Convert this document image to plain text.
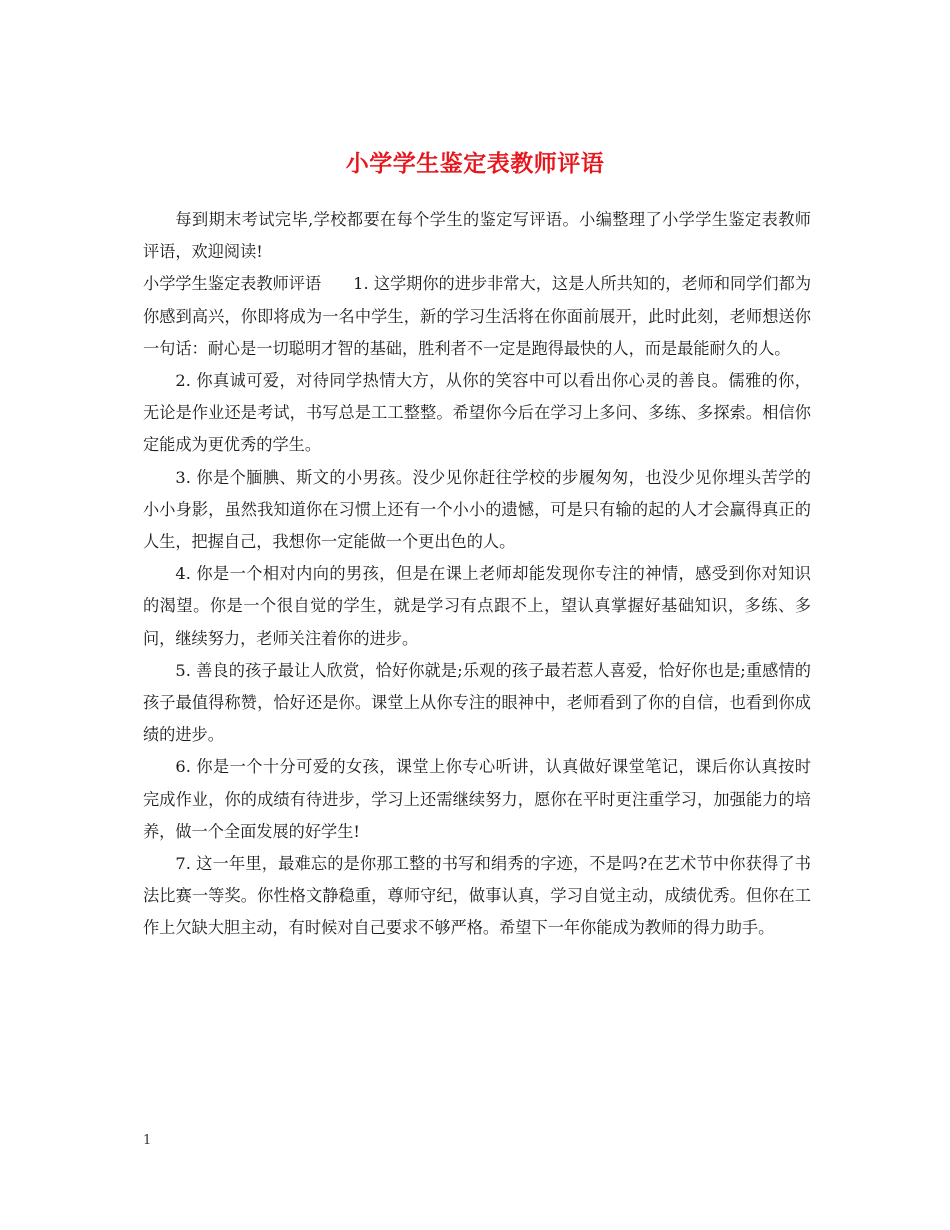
小学学生鉴定表教师评语

每到期末考试完毕,学校都要在每个学生的鉴定写评语。小编整理了小学学生鉴定表教师评语，欢迎阅读!

小学学生鉴定表教师评语 1. 这学期你的进步非常大，这是人所共知的，老师和同学们都为你感到高兴，你即将成为一名中学生，新的学习生活将在你面前展开，此时此刻，老师想送你一句话：耐心是一切聪明才智的基础，胜利者不一定是跑得最快的人，而是最能耐久的人。

2. 你真诚可爱，对待同学热情大方，从你的笑容中可以看出你心灵的善良。儒雅的你，无论是作业还是考试，书写总是工工整整。希望你今后在学习上多问、多练、多探索。相信你定能成为更优秀的学生。

3. 你是个腼腆、斯文的小男孩。没少见你赶往学校的步履匆匆，也没少见你埋头苦学的小小身影，虽然我知道你在习惯上还有一个小小的遗憾，可是只有输的起的人才会赢得真正的人生，把握自己，我想你一定能做一个更出色的人。

4. 你是一个相对内向的男孩，但是在课上老师却能发现你专注的神情，感受到你对知识的渴望。你是一个很自觉的学生，就是学习有点跟不上，望认真掌握好基础知识，多练、多问，继续努力，老师关注着你的进步。

5. 善良的孩子最让人欣赏，恰好你就是;乐观的孩子最若惹人喜爱，恰好你也是;重感情的孩子最值得称赞，恰好还是你。课堂上从你专注的眼神中，老师看到了你的自信，也看到你成绩的进步。

6. 你是一个十分可爱的女孩，课堂上你专心听讲，认真做好课堂笔记，课后你认真按时完成作业，你的成绩有待进步，学习上还需继续努力，愿你在平时更注重学习，加强能力的培养，做一个全面发展的好学生!

7. 这一年里，最难忘的是你那工整的书写和绢秀的字迹，不是吗?在艺术节中你获得了书法比赛一等奖。你性格文静稳重，尊师守纪，做事认真，学习自觉主动，成绩优秀。但你在工作上欠缺大胆主动，有时候对自己要求不够严格。希望下一年你能成为教师的得力助手。

1
